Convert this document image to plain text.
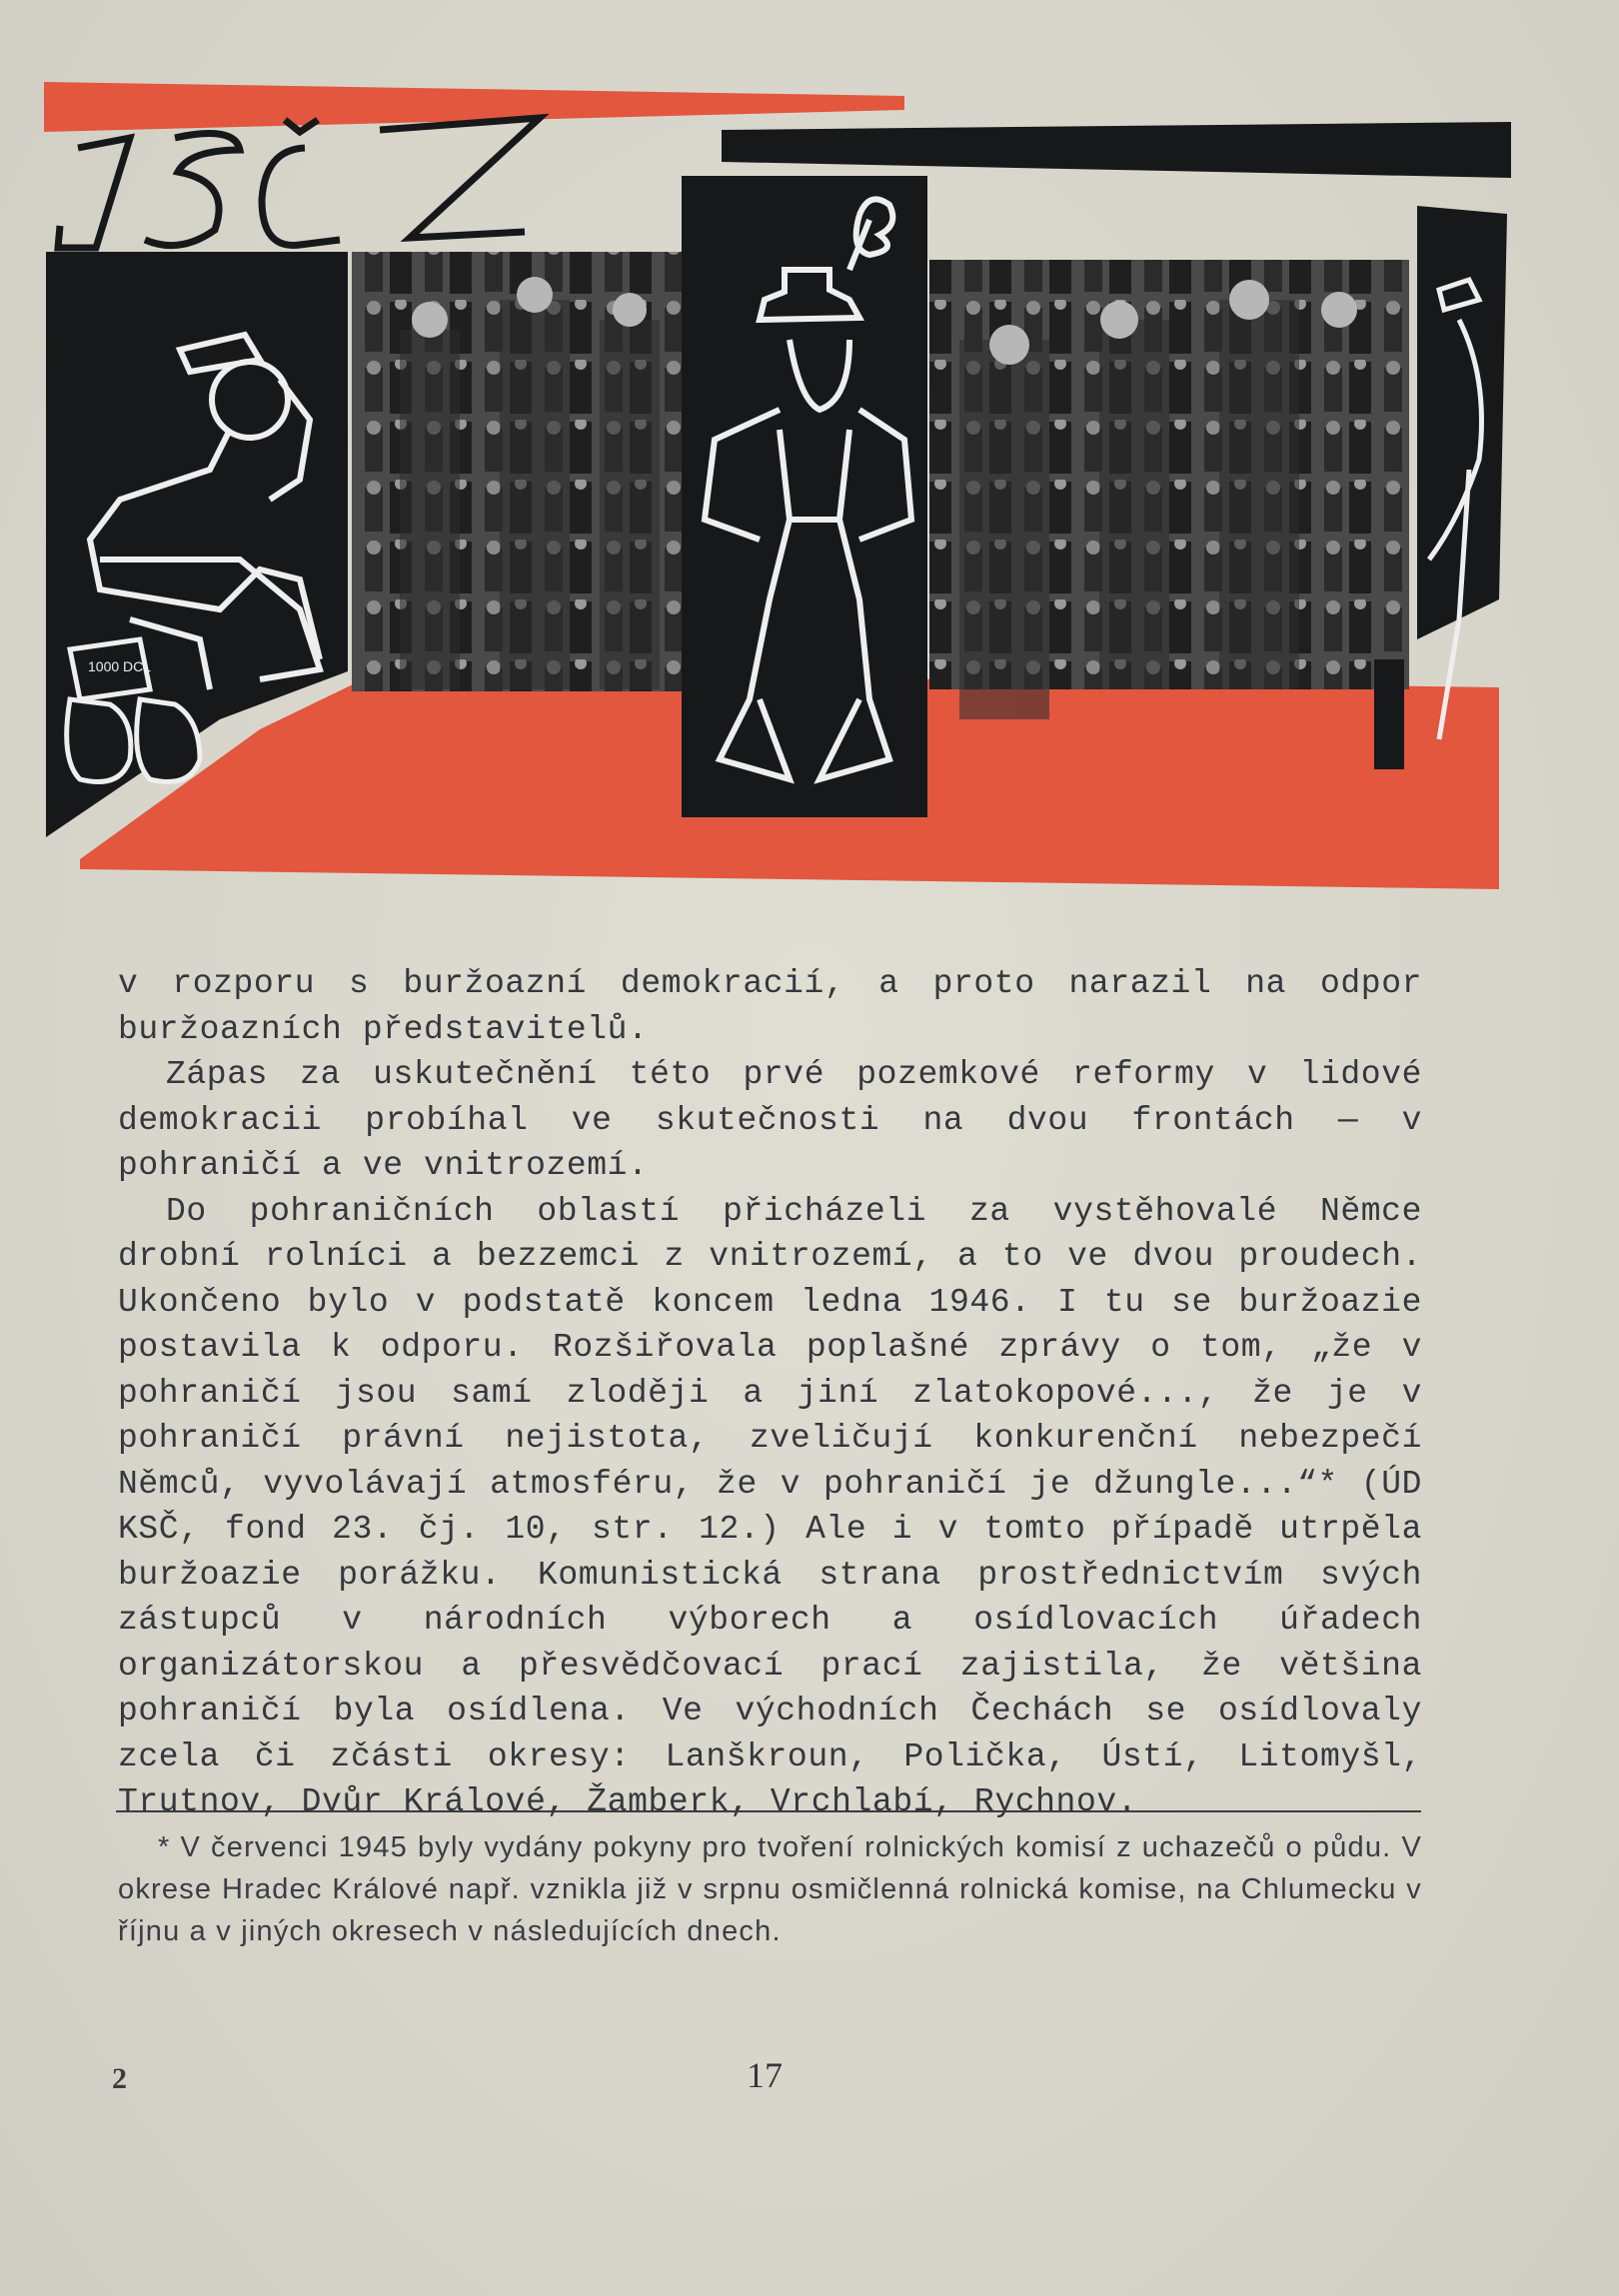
1000 DCL

v rozporu s buržoazní demokracií, a proto narazil na odpor buržoazních představitelů.

Zápas za uskutečnění této prvé pozemkové reformy v lidové demokracii probíhal ve skutečnosti na dvou frontách — v pohraničí a ve vnitrozemí.

Do pohraničních oblastí přicházeli za vystěhovalé Němce drobní rolníci a bezzemci z vnitrozemí, a to ve dvou proudech. Ukončeno bylo v podstatě koncem ledna 1946. I tu se buržoazie postavila k odporu. Rozšiřovala poplašné zprávy o tom, „že v pohraničí jsou samí zloději a jiní zlatokopové..., že je v pohraničí právní nejistota, zveličují konkurenční nebezpečí Němců, vyvolávají atmosféru, že v pohraničí je džungle...“* (ÚD KSČ, fond 23. čj. 10, str. 12.) Ale i v tomto případě utrpěla buržoazie porážku. Komunistická strana prostřednictvím svých zástupců v národních výborech a osídlovacích úřadech organizátorskou a přesvědčovací prací zajistila, že většina pohraničí byla osídlena. Ve východních Čechách se osídlovaly zcela či zčásti okresy: Lanškroun, Polička, Ústí, Litomyšl, Trutnov, Dvůr Králové, Žamberk, Vrchlabí, Rychnov.

* V červenci 1945 byly vydány pokyny pro tvoření rolnických komisí z uchazečů o půdu. V okrese Hradec Králové např. vznikla již v srpnu osmičlenná rolnická komise, na Chlumecku v říjnu a v jiných okresech v následujících dnech.
2	17
